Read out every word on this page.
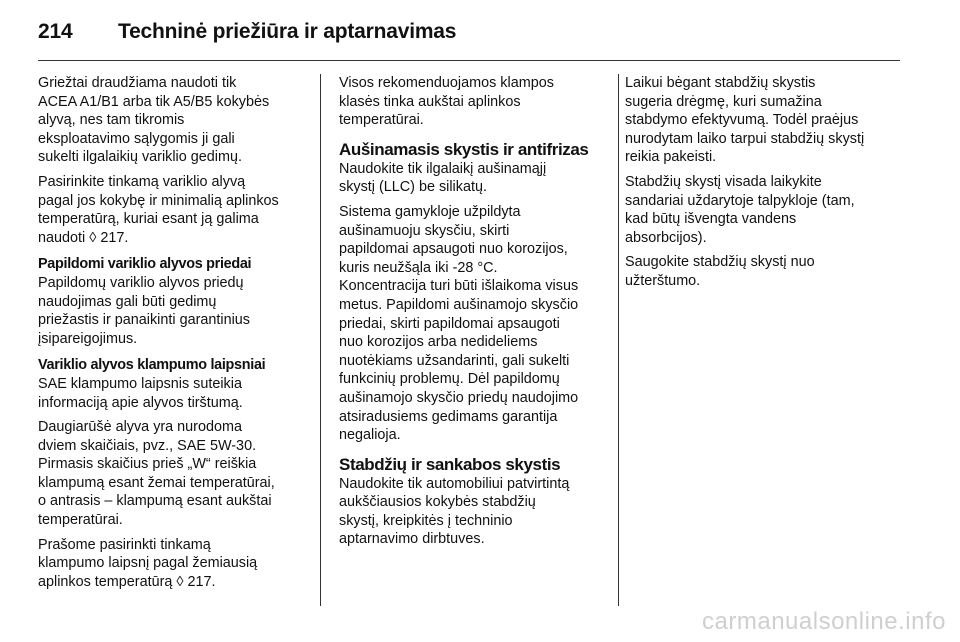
214 Techninė priežiūra ir aptarnavimas

Griežtai draudžiama naudoti tik
ACEA A1/B1 arba tik A5/B5 kokybės
alyvą, nes tam tikromis
eksploatavimo sąlygomis ji gali
sukelti ilgalaikių variklio gedimų.

Pasirinkite tinkamą variklio alyvą
pagal jos kokybę ir minimalią aplinkos
temperatūrą, kuriai esant ją galima
naudoti ◊ 217.

Papildomi variklio alyvos priedai

Papildomų variklio alyvos priedų
naudojimas gali būti gedimų
priežastis ir panaikinti garantinius
įsipareigojimus.

Variklio alyvos klampumo laipsniai

SAE klampumo laipsnis suteikia
informaciją apie alyvos tirštumą.

Daugiarūšė alyva yra nurodoma
dviem skaičiais, pvz., SAE 5W-30.
Pirmasis skaičius prieš „W“ reiškia
klampumą esant žemai temperatūrai,
o antrasis – klampumą esant aukštai
temperatūrai.

Prašome pasirinkti tinkamą
klampumo laipsnį pagal žemiausią
aplinkos temperatūrą ◊ 217.

Visos rekomenduojamos klampos
klasės tinka aukštai aplinkos
temperatūrai.

Aušinamasis skystis ir antifrizas

Naudokite tik ilgalaikį aušinamąjį
skystį (LLC) be silikatų.

Sistema gamykloje užpildyta
aušinamuoju skysčiu, skirti
papildomai apsaugoti nuo korozijos,
kuris neužšąla iki -28 °C.
Koncentracija turi būti išlaikoma visus
metus. Papildomi aušinamojo skysčio
priedai, skirti papildomai apsaugoti
nuo korozijos arba nedideliems
nuotėkiams užsandarinti, gali sukelti
funkcinių problemų. Dėl papildomų
aušinamojo skysčio priedų naudojimo
atsiradusiems gedimams garantija
negalioja.

Stabdžių ir sankabos skystis

Naudokite tik automobiliui patvirtintą
aukščiausios kokybės stabdžių
skystį, kreipkitės į techninio
aptarnavimo dirbtuves.

Laikui bėgant stabdžių skystis
sugeria drėgmę, kuri sumažina
stabdymo efektyvumą. Todėl praėjus
nurodytam laiko tarpui stabdžių skystį
reikia pakeisti.

Stabdžių skystį visada laikykite
sandariai uždarytoje talpykloje (tam,
kad būtų išvengta vandens
absorbcijos).

Saugokite stabdžių skystį nuo
užterštumo.

carmanualsonline.info
